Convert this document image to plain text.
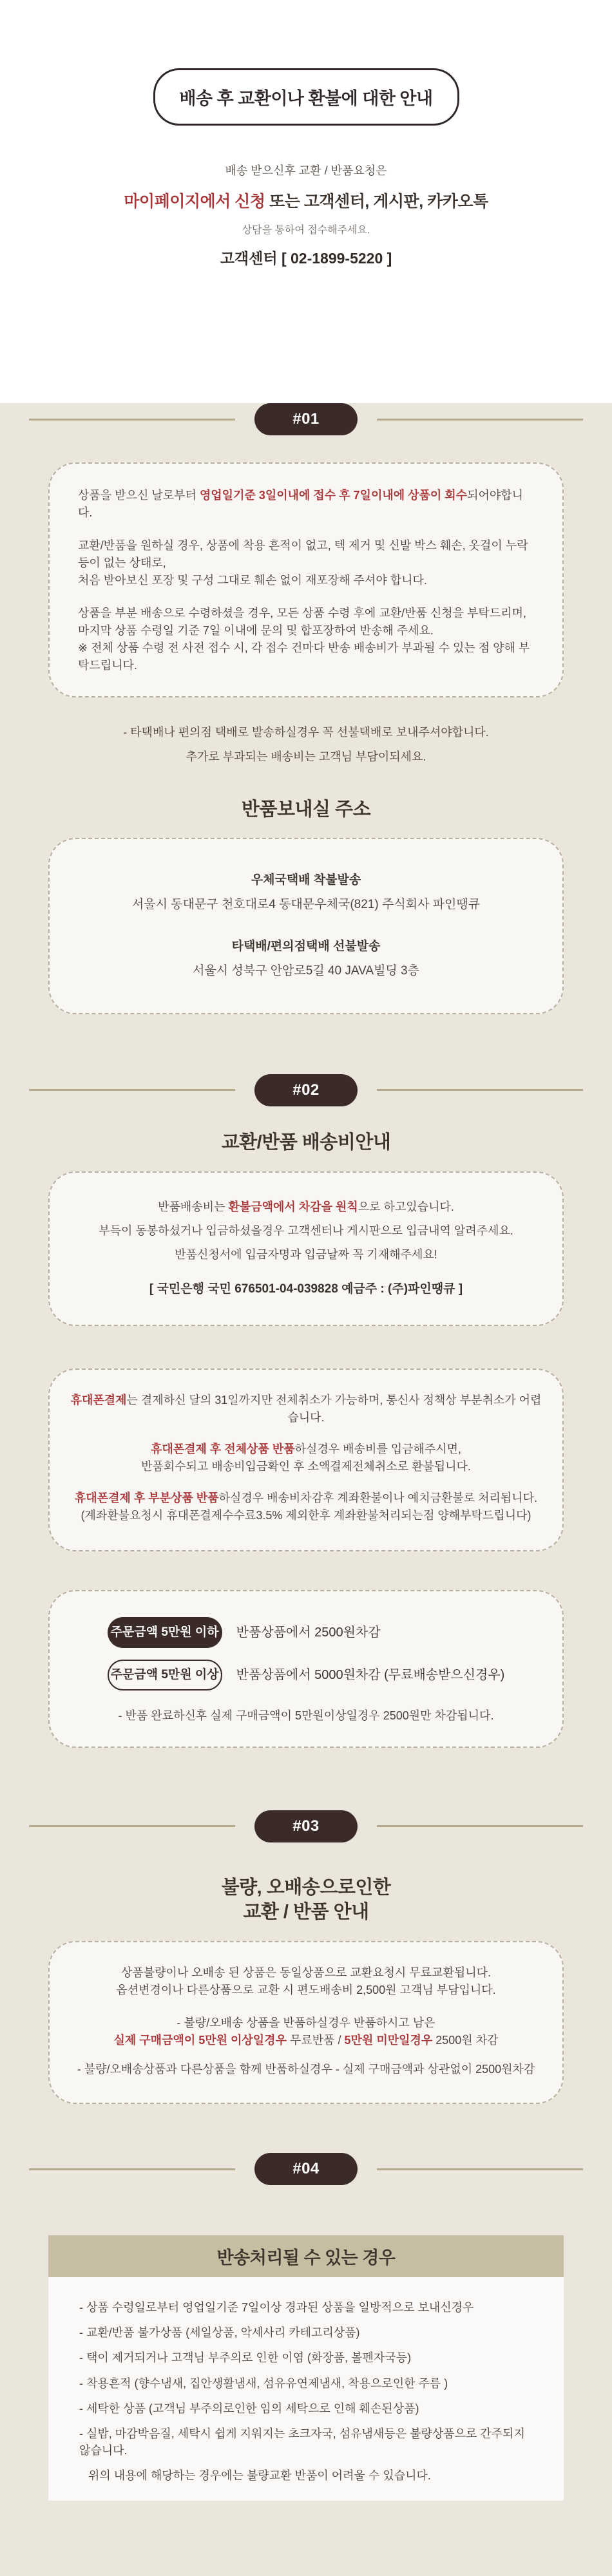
배송 후 교환이나 환불에 대한 안내
배송 받으신후 교환 / 반품요청은
마이페이지에서 신청 또는 고객센터, 게시판, 카카오톡
상담을 통하여 접수해주세요.
고객센터 [ 02-1899-5220 ]
#01

상품을 받으신 날로부터 영업일기준 3일이내에 접수 후 7일이내에 상품이 회수되어야합니다.

교환/반품을 원하실 경우, 상품에 착용 흔적이 없고, 텍 제거 및 신발 박스 훼손, 옷걸이 누락 등이 없는 상태로,

처음 받아보신 포장 및 구성 그대로 훼손 없이 재포장해 주셔야 합니다.

상품을 부분 배송으로 수령하셨을 경우, 모든 상품 수령 후에 교환/반품 신청을 부탁드리며,

마지막 상품 수령일 기준 7일 이내에 문의 및 합포장하여 반송해 주세요.

※ 전체 상품 수령 전 사전 접수 시, 각 접수 건마다 반송 배송비가 부과될 수 있는 점 양해 부탁드립니다.

- 타택배나 편의점 택배로 발송하실경우 꼭 선불택배로 보내주셔야합니다.

추가로 부과되는 배송비는 고객님 부담이되세요.

반품보내실 주소

우체국택배 착불발송

서울시 동대문구 천호대로4 동대문우체국(821) 주식회사 파인땡큐

타택배/편의점택배 선불발송

서울시 성북구 안암로5길 40 JAVA빌딩 3층

#02
교환/반품 배송비안내

반품배송비는 환불금액에서 차감을 원칙으로 하고있습니다.

부득이 동봉하셨거나 입금하셨을경우 고객센터나 게시판으로 입금내역 알려주세요.

반품신청서에 입금자명과 입금날짜 꼭 기재해주세요!

[ 국민은행 국민 676501-04-039828 예금주 : (주)파인땡큐 ]

휴대폰결제는 결제하신 달의 31일까지만 전체취소가 가능하며, 통신사 정책상 부분취소가 어렵습니다.

휴대폰결제 후 전체상품 반품하실경우 배송비를 입금해주시면,

반품회수되고 배송비입금확인 후 소액결제전체취소로 환불됩니다.

휴대폰결제 후 부분상품 반품하실경우 배송비차감후 계좌환불이나 예치금환불로 처리됩니다.

(계좌환불요청시 휴대폰결제수수료3.5% 제외한후 계좌환불처리되는점 양해부탁드립니다)

주문금액 5만원 이하 반품상품에서 2500원차감
주문금액 5만원 이상 반품상품에서 5000원차감 (무료배송받으신경우)

- 반품 완료하신후 실제 구매금액이 5만원이상일경우 2500원만 차감됩니다.

#03
불량, 오배송으로인한
교환 / 반품 안내

상품불량이나 오배송 된 상품은 동일상품으로 교환요청시 무료교환됩니다.

옵션변경이나 다른상품으로 교환 시 편도배송비 2,500원 고객님 부담입니다.

- 불량/오배송 상품을 반품하실경우 반품하시고 남은

실제 구매금액이 5만원 이상일경우 무료반품 / 5만원 미만일경우 2500원 차감

- 불량/오배송상품과 다른상품을 함께 반품하실경우 - 실제 구매금액과 상관없이 2500원차감

#04
반송처리될 수 있는 경우

- 상품 수령일로부터 영업일기준 7일이상 경과된 상품을 일방적으로 보내신경우

- 교환/반품 불가상품 (세일상품, 악세사리 카테고리상품)

- 택이 제거되거나 고객님 부주의로 인한 이염 (화장품, 볼펜자국등)

- 착용흔적 (향수냄새, 집안생활냄새, 섬유유연제냄새, 착용으로인한 주름 )

- 세탁한 상품 (고객님 부주의로인한 임의 세탁으로 인해 훼손된상품)

- 실밥, 마감박음질, 세탁시 쉽게 지워지는 초크자국, 섬유냄새등은 불량상품으로 간주되지않습니다.

위의 내용에 해당하는 경우에는 불량교환 반품이 어려울 수 있습니다.
